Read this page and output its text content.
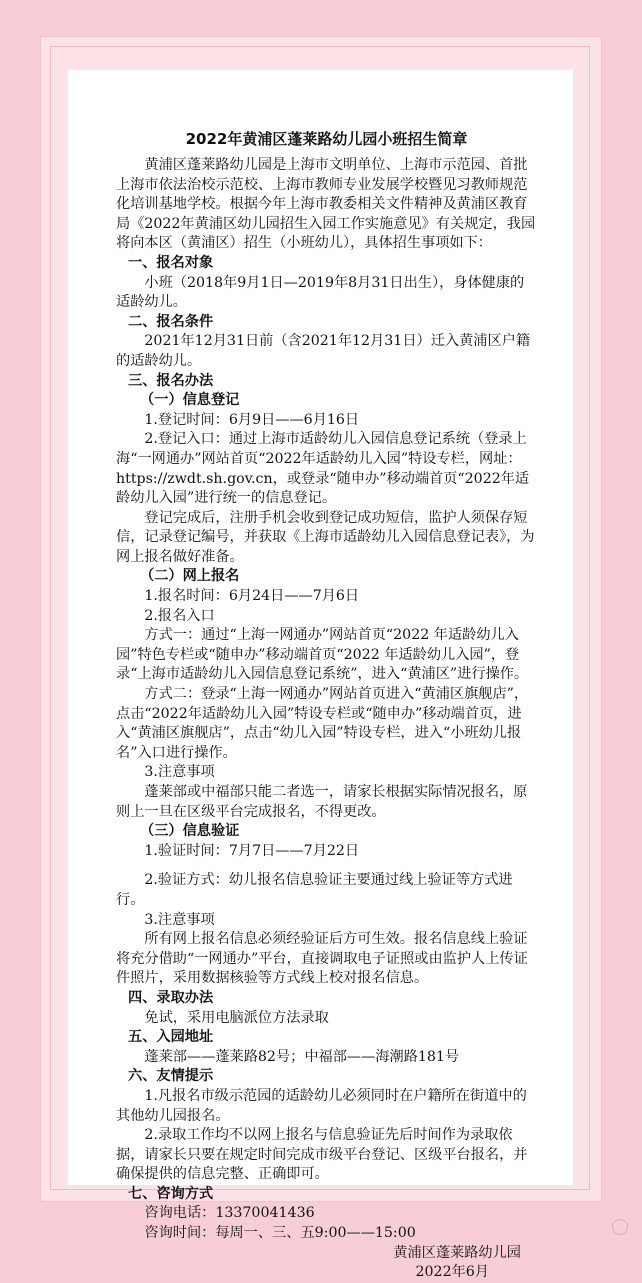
2022年黄浦区蓬莱路幼儿园小班招生简章

黄浦区蓬莱路幼儿园是上海市文明单位、上海市示范园、首批上海市依法治校示范校、上海市教师专业发展学校暨见习教师规范化培训基地学校。根据今年上海市教委相关文件精神及黄浦区教育局《2022年黄浦区幼儿园招生入园工作实施意见》有关规定，我园将向本区（黄浦区）招生（小班幼儿），具体招生事项如下：

一、报名对象

小班（2018年9月1日—2019年8月31日出生），身体健康的适龄幼儿。

二、报名条件

2021年12月31日前（含2021年12月31日）迁入黄浦区户籍的适龄幼儿。

三、报名办法

（一）信息登记

1.登记时间：6月9日——6月16日

2.登记入口：通过上海市适龄幼儿入园信息登记系统（登录上海“一网通办”网站首页“2022年适龄幼儿入园”特设专栏，网址：https://zwdt.sh.gov.cn，或登录“随申办”移动端首页“2022年适龄幼儿入园”进行统一的信息登记。

登记完成后，注册手机会收到登记成功短信，监护人须保存短信，记录登记编号，并获取《上海市适龄幼儿入园信息登记表》，为网上报名做好准备。

（二）网上报名

1.报名时间：6月24日——7月6日

2.报名入口

方式一：通过“上海一网通办”网站首页“2022 年适龄幼儿入园”特色专栏或“随申办”移动端首页“2022 年适龄幼儿入园”，登录“上海市适龄幼儿入园信息登记系统”，进入“黄浦区”进行操作。

方式二：登录“上海一网通办”网站首页进入“黄浦区旗舰店”，点击“2022年适龄幼儿入园”特设专栏或“随申办”移动端首页，进入“黄浦区旗舰店”，点击“幼儿入园”特设专栏，进入“小班幼儿报名”入口进行操作。

3.注意事项

蓬莱部或中福部只能二者选一，请家长根据实际情况报名，原则上一旦在区级平台完成报名，不得更改。

（三）信息验证

1.验证时间：7月7日——7月22日

2.验证方式：幼儿报名信息验证主要通过线上验证等方式进行。

3.注意事项

所有网上报名信息必须经验证后方可生效。报名信息线上验证将充分借助“一网通办”平台，直接调取电子证照或由监护人上传证件照片，采用数据核验等方式线上校对报名信息。

四、录取办法

免试，采用电脑派位方法录取

五、入园地址

蓬莱部——蓬莱路82号；中福部——海潮路181号

六、友情提示

1.凡报名市级示范园的适龄幼儿必须同时在户籍所在街道中的其他幼儿园报名。

2.录取工作均不以网上报名与信息验证先后时间作为录取依据，请家长只要在规定时间完成市级平台登记、区级平台报名，并确保提供的信息完整、正确即可。

七、咨询方式

咨询电话：13370041436

咨询时间：每周一、三、五9:00——15:00

黄浦区蓬莱路幼儿园

2022年6月
